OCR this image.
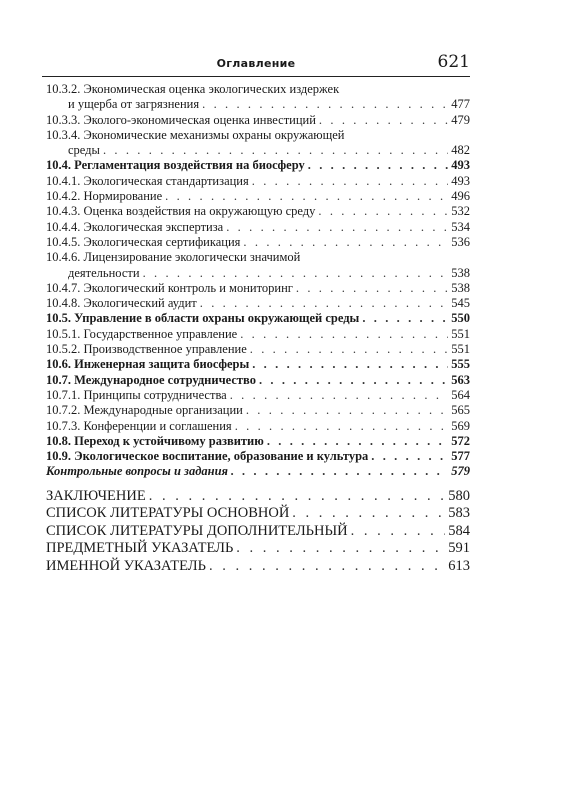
Оглавление	621
10.3.2. Экономическая оценка экологических издержек
и ущерба от загрязнения . . .	477
10.3.3. Эколого-экономическая оценка инвестиций . . .	479
10.3.4. Экономические механизмы охраны окружающей
среды . . .	482
10.4. Регламентация воздействия на биосферу . . .	493
10.4.1. Экологическая стандартизация . . .	493
10.4.2. Нормирование . . .	496
10.4.3. Оценка воздействия на окружающую среду . . .	532
10.4.4. Экологическая экспертиза . . .	534
10.4.5. Экологическая сертификация . . .	536
10.4.6. Лицензирование экологически значимой
деятельности . . .	538
10.4.7. Экологический контроль и мониторинг . . .	538
10.4.8. Экологический аудит . . .	545
10.5. Управление в области охраны окружающей среды . . .	550
10.5.1. Государственное управление . . .	551
10.5.2. Производственное управление . . .	551
10.6. Инженерная защита биосферы . . .	555
10.7. Международное сотрудничество . . .	563
10.7.1. Принципы сотрудничества . . .	564
10.7.2. Международные организации . . .	565
10.7.3. Конференции и соглашения . . .	569
10.8. Переход к устойчивому развитию . . .	572
10.9. Экологическое воспитание, образование и культура . . .	577
Контрольные вопросы и задания . . .	579
ЗАКЛЮЧЕНИЕ . . .	580
СПИСОК ЛИТЕРАТУРЫ ОСНОВНОЙ . . .	583
СПИСОК ЛИТЕРАТУРЫ ДОПОЛНИТЕЛЬНЫЙ . . .	584
ПРЕДМЕТНЫЙ УКАЗАТЕЛЬ . . .	591
ИМЕННОЙ УКАЗАТЕЛЬ . . .	613
